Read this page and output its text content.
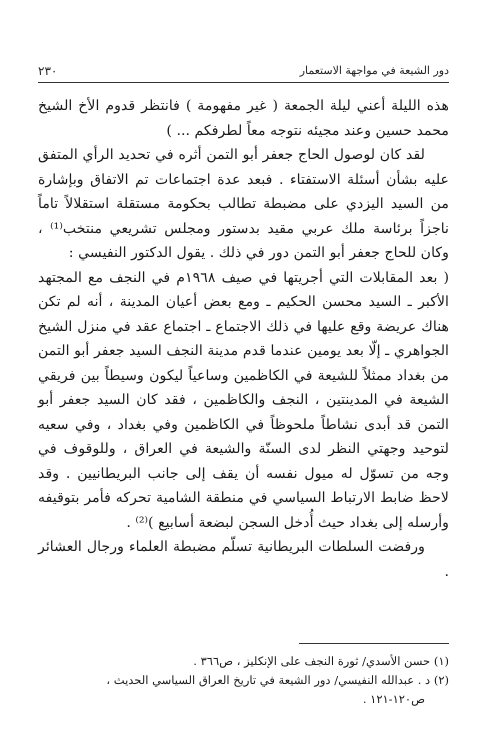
دور الشيعة في مواجهة الاستعمار
٢٣٠

هذه الليلة أعني ليلة الجمعة ( غير مفهومة ) فانتظر قدوم الأخ الشيخ محمد حسين وعند مجيئه نتوجه معاً لطرفكم ... )

لقد كان لوصول الحاج جعفر أبو التمن أثره في تحديد الرأي المتفق عليه بشأن أسئلة الاستفتاء . فبعد عدة اجتماعات تم الاتفاق وبإشارة من السيد اليزدي على مضبطة تطالب بحكومة مستقلة استقلالاً تاماً ناجزاً برئاسة ملك عربي مقيد بدستور ومجلس تشريعي منتخب⁽¹⁾ ، وكان للحاج جعفر أبو التمن دور في ذلك . يقول الدكتور النفيسي :

( بعد المقابلات التي أجريتها في صيف ١٩٦٨م في النجف مع المجتهد الأكبر ـ السيد محسن الحكيم ـ ومع بعض أعيان المدينة ، أنه لم تكن هناك عريضة وقع عليها في ذلك الاجتماع ـ اجتماع عقد في منزل الشيخ الجواهري ـ إلّا بعد يومين عندما قدم مدينة النجف السيد جعفر أبو التمن من بغداد ممثلاً للشيعة في الكاظمين وساعياً ليكون وسيطاً بين فريقي الشيعة في المدينتين ، النجف والكاظمين ، فقد كان السيد جعفر أبو التمن قد أبدى نشاطاً ملحوظاً في الكاظمين وفي بغداد ، وفي سعيه لتوحيد وجهتي النظر لدى السنّة والشيعة في العراق ، وللوقوف في وجه من تسوّل له ميول نفسه أن يقف إلى جانب البريطانيين . وقد لاحظ ضابط الارتباط السياسي في منطقة الشامية تحركه فأمر بتوقيفه وأرسله إلى بغداد حيث أُدخل السجن لبضعة أسابيع )⁽²⁾ .

ورفضت السلطات البريطانية تسلّم مضبطة العلماء ورجال العشائر .

(١) حسن الأسدي/ ثورة النجف على الإنكليز ، ص٣٦٦ .

(٢) د . عبدالله النفيسي/ دور الشيعة في تاريخ العراق السياسي الحديث ،

ص١٢٠-١٢١ .
